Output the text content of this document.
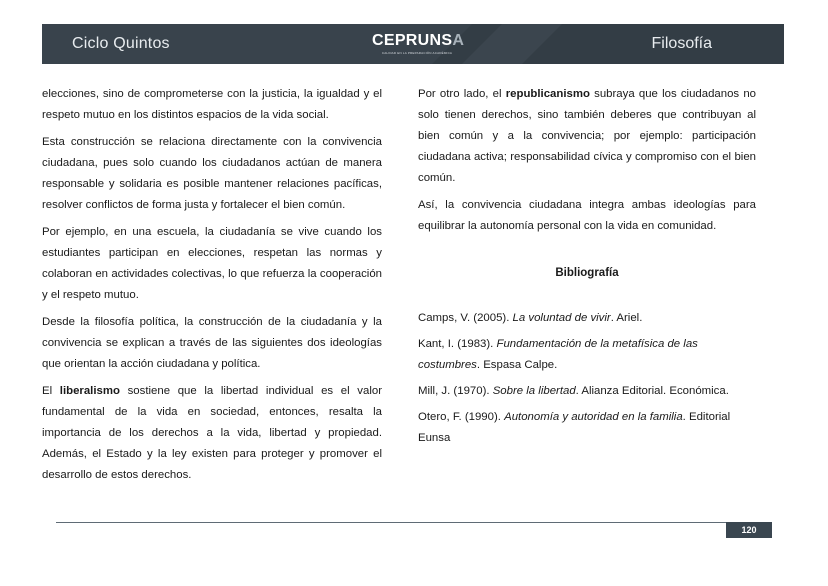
Ciclo Quintos	CEPRUNSA
CALIDAD EN LA PREPARACIÓN ACADÉMICA
Filosofía

elecciones, sino de comprometerse con la justicia, la igualdad y el respeto mutuo en los distintos espacios de la vida social.

Esta construcción se relaciona directamente con la convivencia ciudadana, pues solo cuando los ciudadanos actúan de manera responsable y solidaria es posible mantener relaciones pacíficas, resolver conflictos de forma justa y fortalecer el bien común.

Por ejemplo, en una escuela, la ciudadanía se vive cuando los estudiantes participan en elecciones, respetan las normas y colaboran en actividades colectivas, lo que refuerza la cooperación y el respeto mutuo.

Desde la filosofía política, la construcción de la ciudadanía y la convivencia se explican a través de las siguientes dos ideologías que orientan la acción ciudadana y política.

El liberalismo sostiene que la libertad individual es el valor fundamental de la vida en sociedad, entonces, resalta la importancia de los derechos a la vida, libertad y propiedad. Además, el Estado y la ley existen para proteger y promover el desarrollo de estos derechos.

Por otro lado, el republicanismo subraya que los ciudadanos no solo tienen derechos, sino también deberes que contribuyan al bien común y a la convivencia; por ejemplo: participación ciudadana activa; responsabilidad cívica y compromiso con el bien común.

Así, la convivencia ciudadana integra ambas ideologías para equilibrar la autonomía personal con la vida en comunidad.

Bibliografía

Camps, V. (2005). La voluntad de vivir. Ariel.

Kant, I. (1983). Fundamentación de la metafísica de las costumbres. Espasa Calpe.

Mill, J. (1970). Sobre la libertad. Alianza Editorial. Económica.

Otero, F. (1990). Autonomía y autoridad en la familia. Editorial Eunsa

120
